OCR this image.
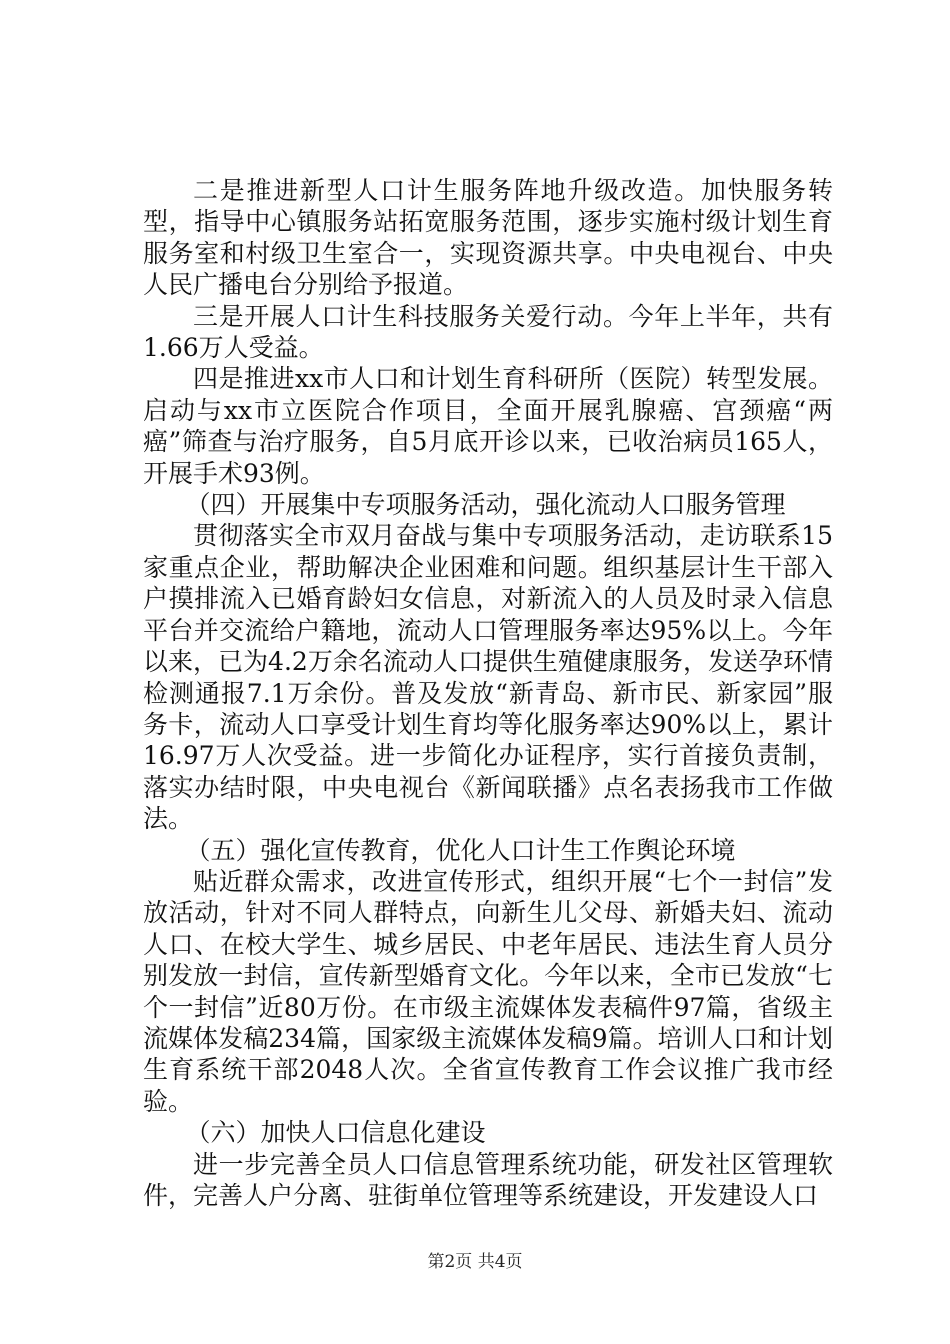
二是推进新型人口计生服务阵地升级改造。加快服务转型，指导中心镇服务站拓宽服务范围，逐步实施村级计划生育服务室和村级卫生室合一，实现资源共享。中央电视台、中央人民广播电台分别给予报道。

三是开展人口计生科技服务关爱行动。今年上半年，共有1.66万人受益。

四是推进xx市人口和计划生育科研所（医院）转型发展。启动与xx市立医院合作项目，全面开展乳腺癌、宫颈癌“两癌”筛查与治疗服务，自5月底开诊以来，已收治病员165人，开展手术93例。

（四）开展集中专项服务活动，强化流动人口服务管理

贯彻落实全市双月奋战与集中专项服务活动，走访联系15家重点企业，帮助解决企业困难和问题。组织基层计生干部入户摸排流入已婚育龄妇女信息，对新流入的人员及时录入信息平台并交流给户籍地，流动人口管理服务率达95%以上。今年以来，已为4.2万余名流动人口提供生殖健康服务，发送孕环情检测通报7.1万余份。普及发放“新青岛、新市民、新家园”服务卡，流动人口享受计划生育均等化服务率达90%以上，累计16.97万人次受益。进一步简化办证程序，实行首接负责制，落实办结时限，中央电视台《新闻联播》点名表扬我市工作做法。

（五）强化宣传教育，优化人口计生工作舆论环境

贴近群众需求，改进宣传形式，组织开展“七个一封信”发放活动，针对不同人群特点，向新生儿父母、新婚夫妇、流动人口、在校大学生、城乡居民、中老年居民、违法生育人员分别发放一封信，宣传新型婚育文化。今年以来，全市已发放“七个一封信”近80万份。在市级主流媒体发表稿件97篇，省级主流媒体发稿234篇，国家级主流媒体发稿9篇。培训人口和计划生育系统干部2048人次。全省宣传教育工作会议推广我市经验。

（六）加快人口信息化建设

进一步完善全员人口信息管理系统功能，研发社区管理软件，完善人户分离、驻街单位管理等系统建设，开发建设人口

第2页 共4页
